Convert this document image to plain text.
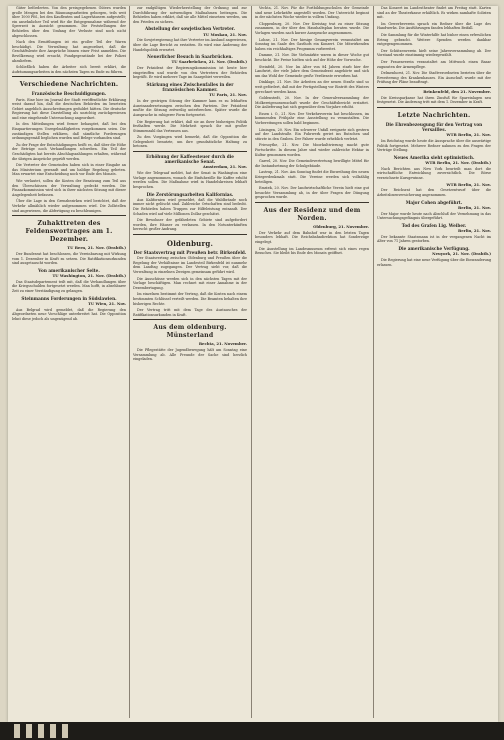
Güter beförderten. Von den preisgegebenen Gütern wurden große Mengen bei den Räumungsarbeiten geborgen, teils weit über 1000 Pfd., bei den Kaufleuten und Lagerhäusern aufgestellt; ein ansehnlicher Teil wird für die Entgegennahme während der Sperrzeit in Aussicht genommen. Die Feststellungen der Behörden über den Umfang der Verluste sind noch nicht abgeschlossen.

Nach den Ermittlungen ist ein großer Teil der Waren beschädigt. Die Verwaltung hat angeordnet, daß die Geschäftsleute ihre Ansprüche binnen einer Frist anmelden. Die Bevölkerung wird ersucht, Fundgegenstände bei der Polizei abzuliefern.

Schließlich haben die Arbeiter sich bereit erklärt, die Aufräumungsarbeiten in den nächsten Tagen zu Ende zu führen.

Verschiedene Nachrichten.
Französische Beschuldigungen.

Paris. Eine hier im Journal der Stadt veröffentlichte Erklärung weist darauf hin, daß die deutschen Behörden im besetzten Gebiet angeblich Ausschreitungen geduldet hätten. Die deutsche Regierung hat diese Darstellung als unrichtig zurückgewiesen und eine eingehende Untersuchung angeordnet.

In den Mitteilungen wird ferner behauptet, daß bei den Einquartierungen Unregelmäßigkeiten vorgekommen seien. Die zuständigen Stellen erklären, daß sämtliche Forderungen ordnungsgemäß beglichen wurden und Belege vorhanden sind.

Zu der Frage der Entschädigungen heißt es, daß über die Höhe der Beträge noch Verhandlungen schweben. Ein Teil der Geschädigten hat bereits Abschlagszahlungen erhalten, während die übrigen Ansprüche geprüft werden.

Die Vertreter der Gemeinden haben sich in einer Eingabe an das Ministerium gewandt und um baldige Regelung gebeten. Man erwartet eine Entscheidung noch vor Ende des Monats.

Wie verlautet, sollen die Kosten der Besatzung zum Teil aus den Überschüssen der Verwaltung gedeckt werden. Die Finanzkommission wird sich in ihrer nächsten Sitzung mit dieser Angelegenheit befassen.

Über die Lage in den Grenzbezirken wird berichtet, daß der Verkehr allmählich wieder aufgenommen wird. Die Zollstellen sind angewiesen, die Abfertigung zu beschleunigen.

Zuhakttreten des Feldenswortrages am 1. Dezember.
TU Bern, 21. Nov. (Drahtb.)

Der Bundesrat hat beschlossen, die Vereinbarung mit Wirkung vom 1. Dezember in Kraft zu setzen. Die Ratifikationsurkunden sind ausgetauscht worden.

Von amerikanischer Seite.
TU Washington, 21. Nov. (Drahtb.)

Das Staatsdepartement teilt mit, daß die Verhandlungen über die Kriegsschulden fortgesetzt werden. Man hofft, in absehbarer Zeit zu einer Verständigung zu gelangen.

Steinmanns Forderungen in Südslawien.
TU Wien, 21. Nov.

Aus Belgrad wird gemeldet, daß die Regierung den Abgeordneten neue Vorschläge unterbreitet hat. Die Opposition lehnt diese jedoch als ungenügend ab.

zur endgültigen Wiederherstellung der Ordnung und zur Durchführung der notwendigen Maßnahmen beitragen. Die Behörden haben erklärt, daß sie alle Mittel einsetzen werden, um den Frieden zu sichern.

Abstellung der sowjetischen Vertreter.
TU Moskau, 21. Nov.

Die Sowjetregierung hat ihre Vertreter im Ausland angewiesen, über die Lage Bericht zu erstatten. Es wird eine Änderung der Handelspolitik erwartet.

Neuerlicher Besuch in Saarbrücken.
TU Saarbrücken, 21. Nov. (Drahtb.)

Der Präsident der Regierungskommission ist heute hier eingetroffen und wurde von den Vertretern der Behörden begrüßt. Er wird mehrere Tage im Saargebiet verweilen.

Stärkung eines Zwischenfalles in der französischen Kammer.
TU Paris, 21. Nov.

In der gestrigen Sitzung der Kammer kam es zu lebhaften Auseinandersetzungen zwischen den Parteien. Der Präsident mußte die Sitzung zeitweilig unterbrechen. Später wurde die Aussprache in ruhigerer Form fortgesetzt.

Die Regierung hat erklärt, daß sie an ihrer bisherigen Politik festhalten werde. Die Mehrheit sprach ihr mit großer Stimmenzahl das Vertrauen aus.

Zu den Vorgängen wird bemerkt, daß die Opposition die Gelegenheit benutzte, um ihre grundsätzliche Haltung zu betonen.

Erhöhung der Kaffeesteuer durch die amerikanische Senat.
Amsterdam, 21. Nov.

Wie der Telegraaf meldet, hat der Senat in Washington eine Vorlage angenommen, wonach die Einfuhrzölle für Kaffee erhöht werden sollen. Die Maßnahme wird in Handelskreisen lebhaft besprochen.

Die Zerstörungsarbeiten Kalifornias.

Aus Kalifornien wird gemeldet, daß die Waldbrände noch immer nicht gelöscht sind. Zahlreiche Ortschaften sind bedroht. Die Behörden haben Truppen zur Hilfeleistung entsandt. Der Schaden wird auf viele Millionen Dollar geschätzt.

Die Bewohner der gefährdeten Gebiete sind aufgefordert worden, ihre Häuser zu verlassen. In den Notunterkünften herrscht großer Andrang.

Oldenburg.
Der Staatsvertrag mit Preußen betr. Birkenfeld.

Der Staatsvertrag zwischen Oldenburg und Preußen über die Regelung der Verhältnisse im Landesteil Birkenfeld ist nunmehr dem Landtag zugegangen. Der Vertrag sieht vor, daß die Verwaltung in einzelnen Zweigen gemeinsam geführt wird.

Die Ausschüsse werden sich in den nächsten Tagen mit der Vorlage beschäftigen. Man rechnet mit einer Annahme in der Dezembertagung.

Im einzelnen bestimmt der Vertrag, daß die Kosten nach einem bestimmten Schlüssel verteilt werden. Die Beamten behalten ihre bisherigen Rechte.

Der Vertrag tritt mit dem Tage des Austausches der Ratifikationsurkunden in Kraft.

Aus dem oldenburg. Münsterland
Bechta, 21. November.

Die Pflegestätte der Jugendbewegung hält am Sonntag eine Versammlung ab. Alle Freunde der Sache sind herzlich eingeladen.

Vechta, 21. Nov. Für die Fortbildungsschulen der Gemeinde sind neue Lehrkräfte angestellt worden. Der Unterricht beginnt in der nächsten Woche wieder in vollem Umfang.

Cloppenburg, 20. Nov. Der Kreistag trat zu einer Sitzung zusammen, in der über den Haushaltsplan beraten wurde. Die Vorlagen wurden nach kurzer Aussprache angenommen.

Lohne, 21. Nov. Der hiesige Gesangverein veranstaltet am Sonntag im Saale des Gasthofs ein Konzert. Die Mitwirkenden haben ein reichhaltiges Programm vorbereitet.

Damme, 21. Nov. Die Viehmärkte waren in dieser Woche gut beschickt. Die Preise hielten sich auf der Höhe der Vorwoche.

Steinfeld, 20. Nov. Im Alter von 84 Jahren starb hier der Landwirt, der viele Jahre dem Gemeinderat angehörte und sich um das Wohl der Gemeinde große Verdienste erworben hat.

Dinklage, 21. Nov. Die Arbeiten an der neuen Straße sind so weit gefördert, daß mit der Fertigstellung vor Eintritt des Winters gerechnet werden kann.

Goldenstedt, 20. Nov. In der Generalversammlung der Molkereigenossenschaft wurde der Geschäftsbericht erstattet. Die Anlieferung hat sich gegenüber dem Vorjahre erhöht.

Essen i. O., 21. Nov. Der Verkehrsverein hat beschlossen, im kommenden Frühjahr eine Ausstellung zu veranstalten. Die Vorbereitungen sollen bald beginnen.

Löningen, 20. Nov. Ein schwerer Unfall ereignete sich gestern auf der Landstraße. Ein Fuhrwerk geriet ins Rutschen und stürzte in den Graben. Der Fahrer wurde erheblich verletzt.

Friesoythe, 21. Nov. Die Moorkultivierung macht gute Fortschritte. In diesem Jahre sind wieder zahlreiche Hektar in Kultur genommen worden.

Garrel, 20. Nov. Die Gemeindevertretung bewilligte Mittel für die Instandsetzung der Schulgebäude.

Lastrup, 21. Nov. Am Sonntag findet die Einweihung des neuen Kriegerdenkmals statt. Die Vereine werden sich vollzählig beteiligen.

Emstek, 20. Nov. Der landwirtschaftliche Verein hielt eine gut besuchte Versammlung ab, in der über Fragen der Düngung gesprochen wurde.

Aus der Residenz und dem Norden.
Oldenburg, 21. November.

Der Verkehr auf dem Bahnhof war in den letzten Tagen besonders lebhaft. Die Reichsbahndirektion hat Sonderzüge eingelegt.

Die Ausstellung im Landesmuseum erfreut sich eines regen Besuches. Sie bleibt bis Ende des Monats geöffnet.

Das Konzert im Landestheater findet am Freitag statt. Karten sind an der Theaterkasse erhältlich. Es wirken namhafte Solisten mit.

Im Gewerbeverein sprach ein Redner über die Lage des Handwerks. Die Ausführungen fanden lebhaften Beifall.

Die Sammlung für die Winterhilfe hat bisher einen erfreulichen Ertrag gebracht. Weitere Spenden werden dankbar entgegengenommen.

Der Schützenverein hielt seine Jahresversammlung ab. Der Vorstand wurde einstimmig wiedergewählt.

Der Frauenverein veranstaltet am Mittwoch einen Basar zugunsten der Armenpflege.

Delmenhorst, 21. Nov. Die Stadtverordneten berieten über die Erweiterung des Krankenhauses. Ein Ausschuß wurde mit der Prüfung der Pläne beauftragt.

Brinkenfeld, den 21. November.

Die Kreissparkasse hat ihren Zinsfuß für Spareinlagen neu festgesetzt. Die Änderung tritt mit dem 1. Dezember in Kraft.

Letzte Nachrichten.
Die Ehrenbezeugung für den Vertrag von Versailles.
WTB Berlin, 21. Nov.

Im Reichstag wurde heute die Aussprache über die auswärtige Politik fortgesetzt. Mehrere Redner nahmen zu den Fragen der Verträge Stellung.

Neues Amerika sieht optimistisch.
WTB Berlin, 21. Nov. (Drahtb.)

Nach Berichten aus New York beurteilt man dort die wirtschaftliche Entwicklung zuversichtlich. Die Börse verzeichnete Kursgewinne.

WTB Berlin, 21. Nov.

Der Reichsrat hat den Gesetzentwurf über die Arbeitslosenversicherung angenommen.

Major Cohen abgeführt.
Berlin, 21. Nov.

Der Major wurde heute nach Abschluß der Vernehmung in das Untersuchungsgefängnis übergeführt.

Tod des Grafen Lig. Weiber.
Berlin, 21. Nov.

Der bekannte Staatsmann ist in der vergangenen Nacht im Alter von 71 Jahren gestorben.

Die amerikanische Verfügung.
Neuyork, 21. Nov. (Drahtb.)

Die Regierung hat eine neue Verfügung über die Einwanderung erlassen.
